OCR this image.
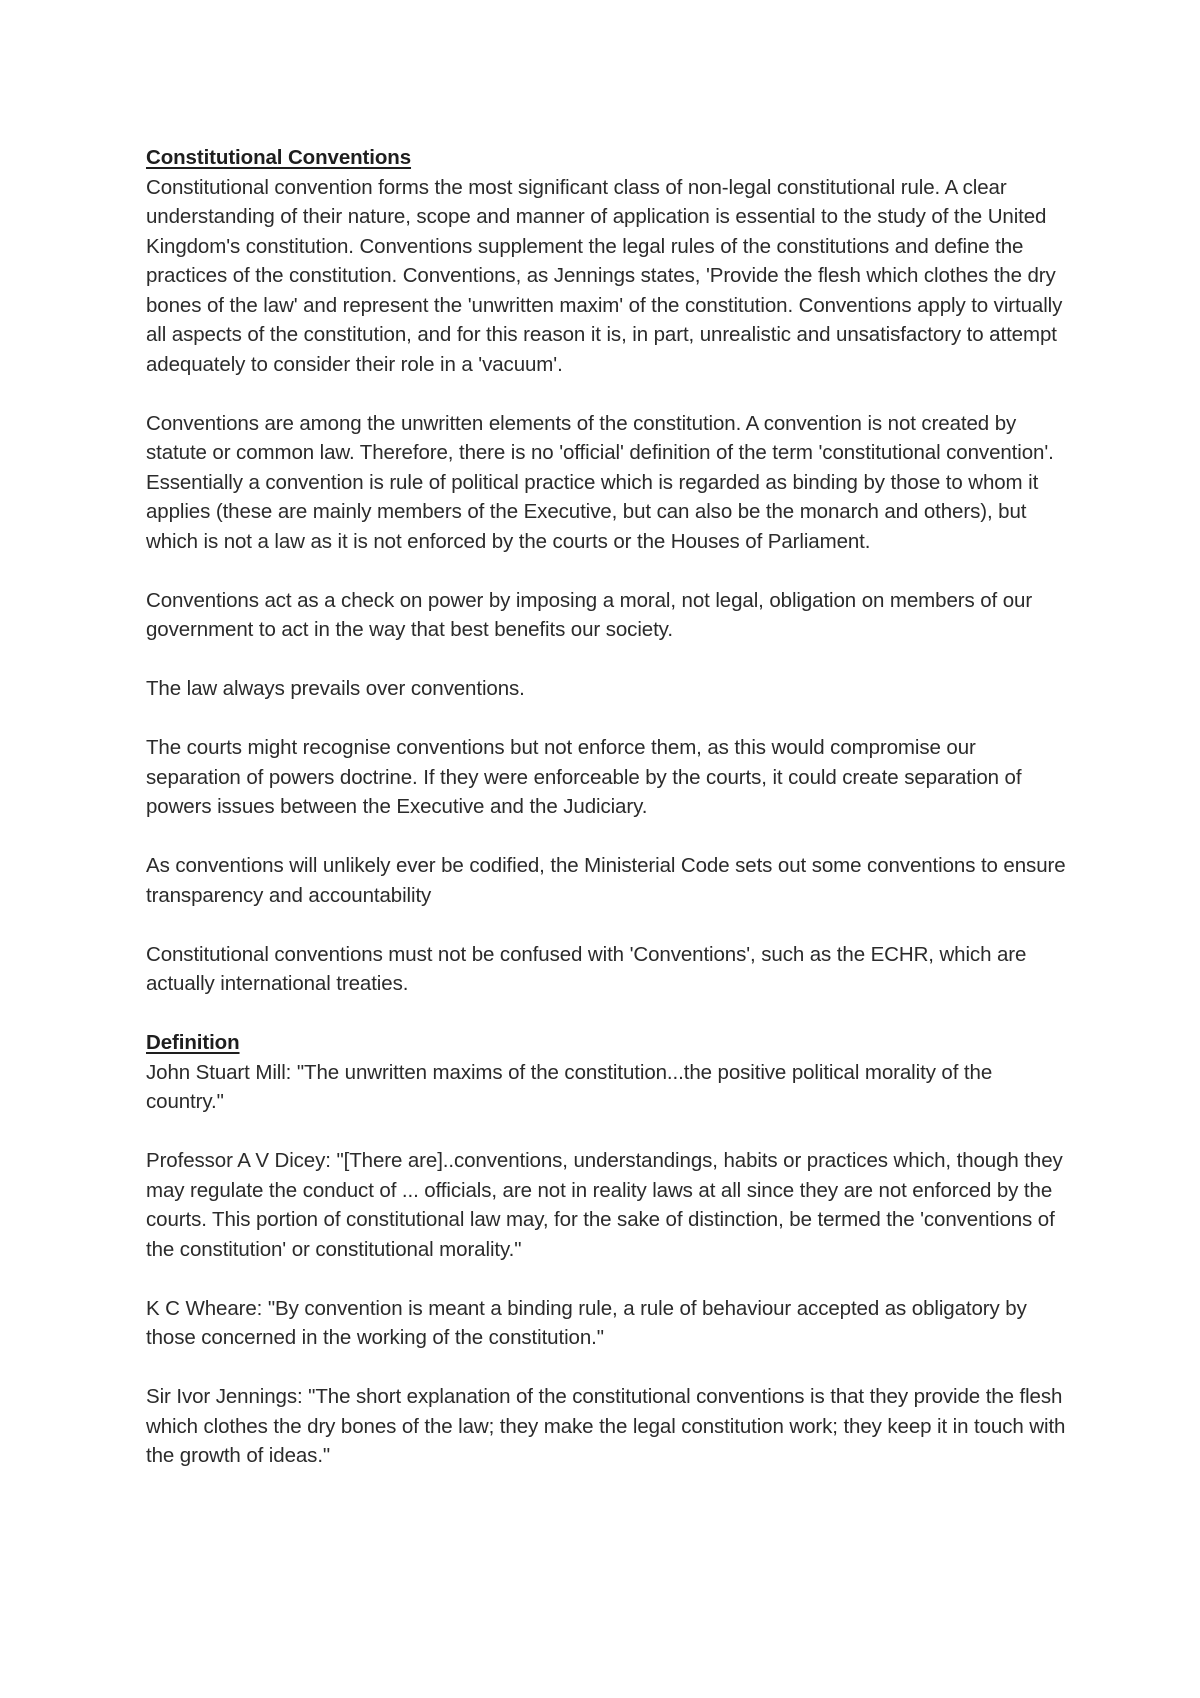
Constitutional Conventions

Constitutional convention forms the most significant class of non-legal constitutional rule. A clear understanding of their nature, scope and manner of application is essential to the study of the United Kingdom's constitution. Conventions supplement the legal rules of the constitutions and define the practices of the constitution. Conventions, as Jennings states, 'Provide the flesh which clothes the dry bones of the law' and represent the 'unwritten maxim' of the constitution. Conventions apply to virtually all aspects of the constitution, and for this reason it is, in part, unrealistic and unsatisfactory to attempt adequately to consider their role in a 'vacuum'.

Conventions are among the unwritten elements of the constitution. A convention is not created by statute or common law. Therefore, there is no 'official' definition of the term 'constitutional convention'. Essentially a convention is rule of political practice which is regarded as binding by those to whom it applies (these are mainly members of the Executive, but can also be the monarch and others), but which is not a law as it is not enforced by the courts or the Houses of Parliament.

Conventions act as a check on power by imposing a moral, not legal, obligation on members of our government to act in the way that best benefits our society.

The law always prevails over conventions.

The courts might recognise conventions but not enforce them, as this would compromise our separation of powers doctrine. If they were enforceable by the courts, it could create separation of powers issues between the Executive and the Judiciary.

As conventions will unlikely ever be codified, the Ministerial Code sets out some conventions to ensure transparency and accountability

Constitutional conventions must not be confused with 'Conventions', such as the ECHR, which are actually international treaties.

Definition

John Stuart Mill: "The unwritten maxims of the constitution...the positive political morality of the country."

Professor A V Dicey: "[There are]..conventions, understandings, habits or practices which, though they may regulate the conduct of ... officials, are not in reality laws at all since they are not enforced by the courts. This portion of constitutional law may, for the sake of distinction, be termed the 'conventions of the constitution' or constitutional morality."

K C Wheare: "By convention is meant a binding rule, a rule of behaviour accepted as obligatory by those concerned in the working of the constitution."

Sir Ivor Jennings: "The short explanation of the constitutional conventions is that they provide the flesh which clothes the dry bones of the law; they make the legal constitution work; they keep it in touch with the growth of ideas."
